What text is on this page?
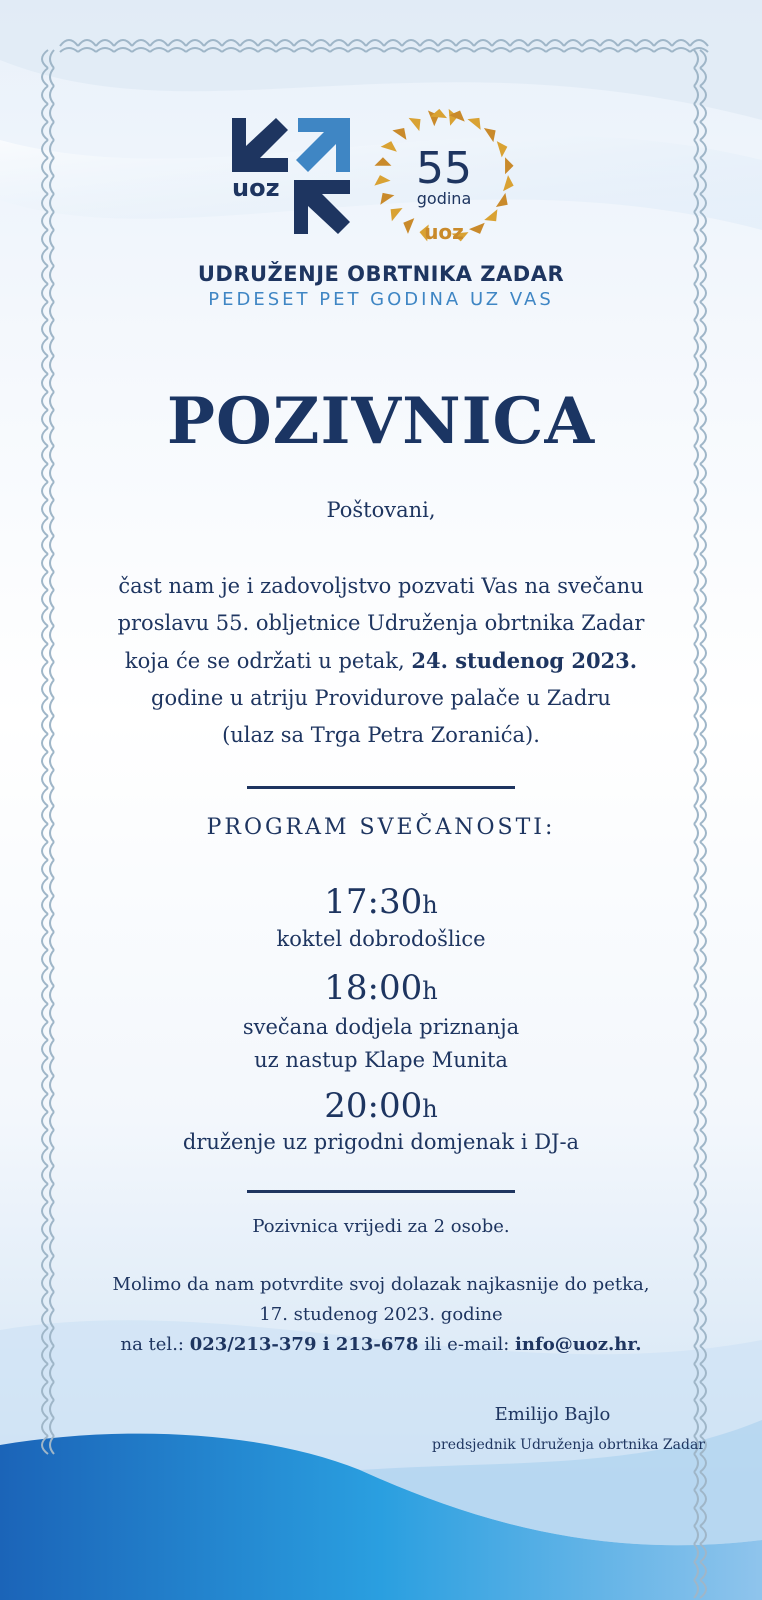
uoz	55
godina
uoz
UDRUŽENJE OBRTNIKA ZADAR
PEDESET PET GODINA UZ VAS
POZIVNICA
Poštovani,
čast nam je i zadovoljstvo pozvati Vas na svečanu
proslavu 55. obljetnice Udruženja obrtnika Zadar
koja će se održati u petak, 24. studenog 2023.
godine u atriju Providurove palače u Zadru
(ulaz sa Trga Petra Zoranića).
PROGRAM SVEČANOSTI:
17:30h
koktel dobrodošlice
18:00h
svečana dodjela priznanja
uz nastup Klape Munita
20:00h
druženje uz prigodni domjenak i DJ-a
Pozivnica vrijedi za 2 osobe.
Molimo da nam potvrdite svoj dolazak najkasnije do petka,
17. studenog 2023. godine
na tel.: 023/213-379 i 213-678 ili e-mail: info@uoz.hr.
Emilijo Bajlo
predsjednik Udruženja obrtnika Zadar
